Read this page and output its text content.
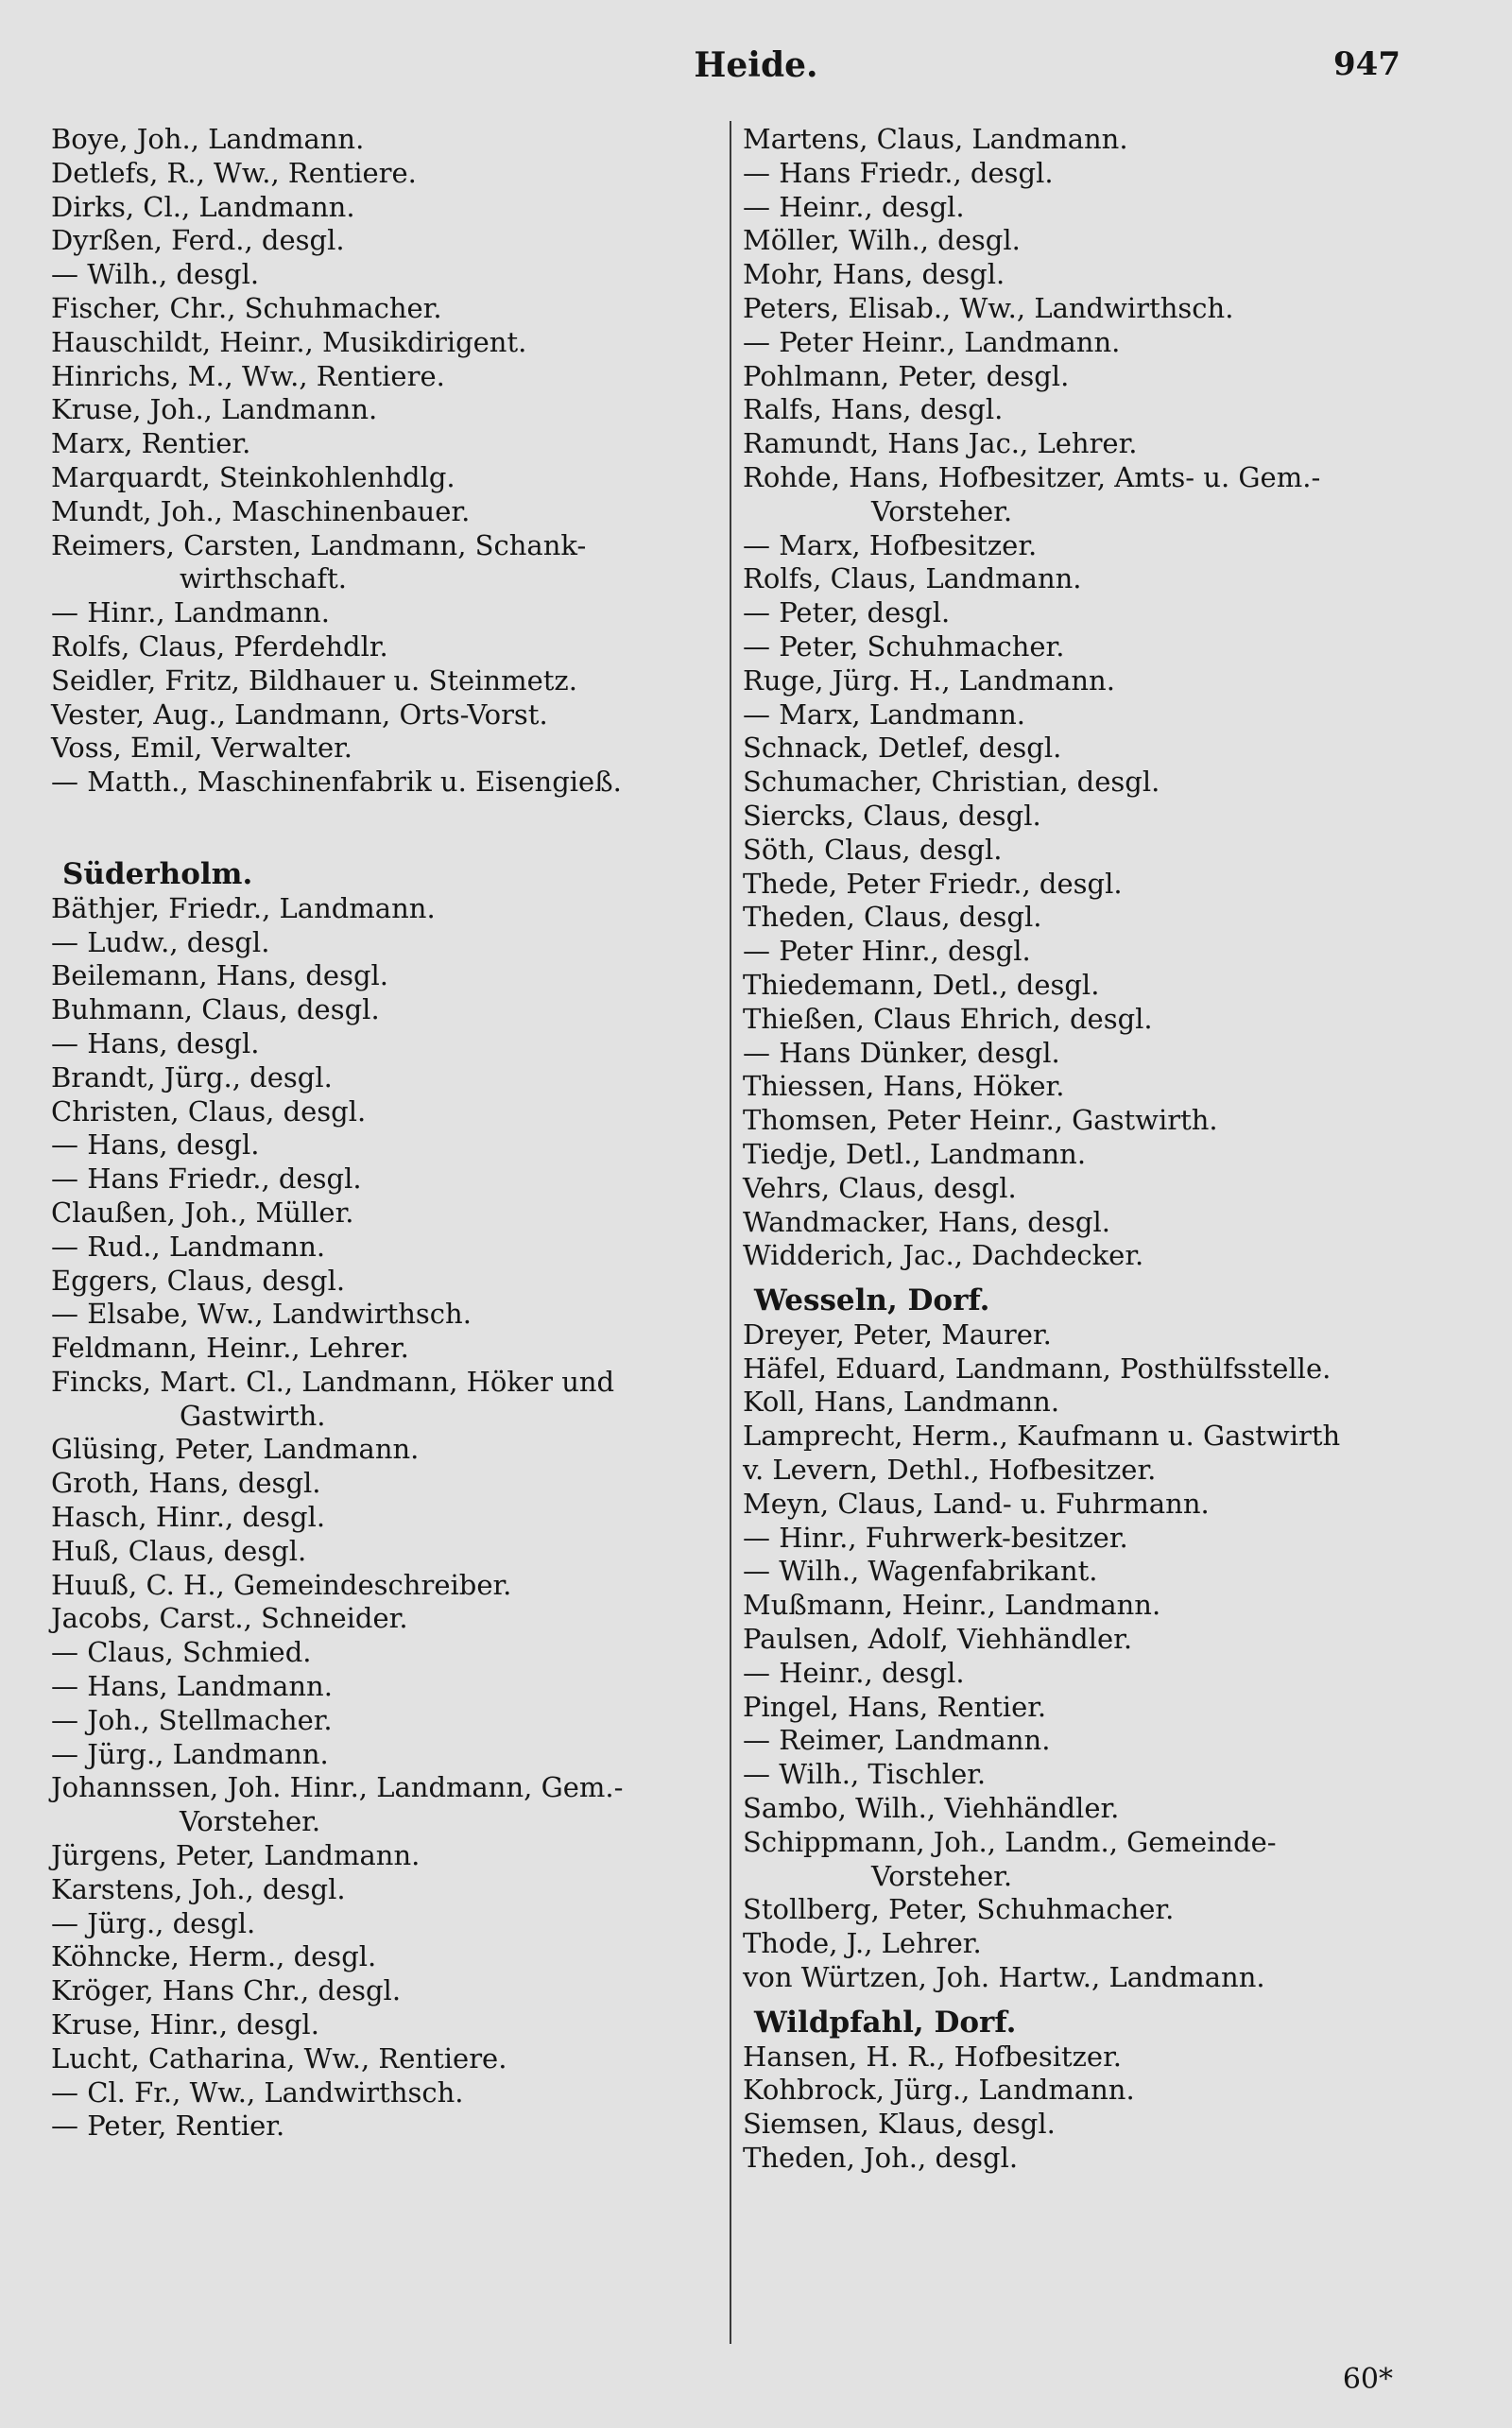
Heide.	947
Boye, Joh., Landmann.
Detlefs, R., Ww., Rentiere.
Dirks, Cl., Landmann.
Dyrßen, Ferd., desgl.
— Wilh., desgl.
Fischer, Chr., Schuhmacher.
Hauschildt, Heinr., Musikdirigent.
Hinrichs, M., Ww., Rentiere.
Kruse, Joh., Landmann.
Marx, Rentier.
Marquardt, Steinkohlenhdlg.
Mundt, Joh., Maschinenbauer.
Reimers, Carsten, Landmann, Schank-
wirthschaft.
— Hinr., Landmann.
Rolfs, Claus, Pferdehdlr.
Seidler, Fritz, Bildhauer u. Steinmetz.
Vester, Aug., Landmann, Orts-Vorst.
Voss, Emil, Verwalter.
— Matth., Maschinenfabrik u. Eisengieß.
Süderholm.
Bäthjer, Friedr., Landmann.
— Ludw., desgl.
Beilemann, Hans, desgl.
Buhmann, Claus, desgl.
— Hans, desgl.
Brandt, Jürg., desgl.
Christen, Claus, desgl.
— Hans, desgl.
— Hans Friedr., desgl.
Claußen, Joh., Müller.
— Rud., Landmann.
Eggers, Claus, desgl.
— Elsabe, Ww., Landwirthsch.
Feldmann, Heinr., Lehrer.
Fincks, Mart. Cl., Landmann, Höker und
Gastwirth.
Glüsing, Peter, Landmann.
Groth, Hans, desgl.
Hasch, Hinr., desgl.
Huß, Claus, desgl.
Huuß, C. H., Gemeindeschreiber.
Jacobs, Carst., Schneider.
— Claus, Schmied.
— Hans, Landmann.
— Joh., Stellmacher.
— Jürg., Landmann.
Johannssen, Joh. Hinr., Landmann, Gem.-
Vorsteher.
Jürgens, Peter, Landmann.
Karstens, Joh., desgl.
— Jürg., desgl.
Köhncke, Herm., desgl.
Kröger, Hans Chr., desgl.
Kruse, Hinr., desgl.
Lucht, Catharina, Ww., Rentiere.
— Cl. Fr., Ww., Landwirthsch.
— Peter, Rentier.
Martens, Claus, Landmann.
— Hans Friedr., desgl.
— Heinr., desgl.
Möller, Wilh., desgl.
Mohr, Hans, desgl.
Peters, Elisab., Ww., Landwirthsch.
— Peter Heinr., Landmann.
Pohlmann, Peter, desgl.
Ralfs, Hans, desgl.
Ramundt, Hans Jac., Lehrer.
Rohde, Hans, Hofbesitzer, Amts- u. Gem.-
Vorsteher.
— Marx, Hofbesitzer.
Rolfs, Claus, Landmann.
— Peter, desgl.
— Peter, Schuhmacher.
Ruge, Jürg. H., Landmann.
— Marx, Landmann.
Schnack, Detlef, desgl.
Schumacher, Christian, desgl.
Siercks, Claus, desgl.
Söth, Claus, desgl.
Thede, Peter Friedr., desgl.
Theden, Claus, desgl.
— Peter Hinr., desgl.
Thiedemann, Detl., desgl.
Thießen, Claus Ehrich, desgl.
— Hans Dünker, desgl.
Thiessen, Hans, Höker.
Thomsen, Peter Heinr., Gastwirth.
Tiedje, Detl., Landmann.
Vehrs, Claus, desgl.
Wandmacker, Hans, desgl.
Widderich, Jac., Dachdecker.
Wesseln, Dorf.
Dreyer, Peter, Maurer.
Häfel, Eduard, Landmann, Posthülfsstelle.
Koll, Hans, Landmann.
Lamprecht, Herm., Kaufmann u. Gastwirth
v. Levern, Dethl., Hofbesitzer.
Meyn, Claus, Land- u. Fuhrmann.
— Hinr., Fuhrwerk-besitzer.
— Wilh., Wagenfabrikant.
Mußmann, Heinr., Landmann.
Paulsen, Adolf, Viehhändler.
— Heinr., desgl.
Pingel, Hans, Rentier.
— Reimer, Landmann.
— Wilh., Tischler.
Sambo, Wilh., Viehhändler.
Schippmann, Joh., Landm., Gemeinde-
Vorsteher.
Stollberg, Peter, Schuhmacher.
Thode, J., Lehrer.
von Würtzen, Joh. Hartw., Landmann.
Wildpfahl, Dorf.
Hansen, H. R., Hofbesitzer.
Kohbrock, Jürg., Landmann.
Siemsen, Klaus, desgl.
Theden, Joh., desgl.
60*
